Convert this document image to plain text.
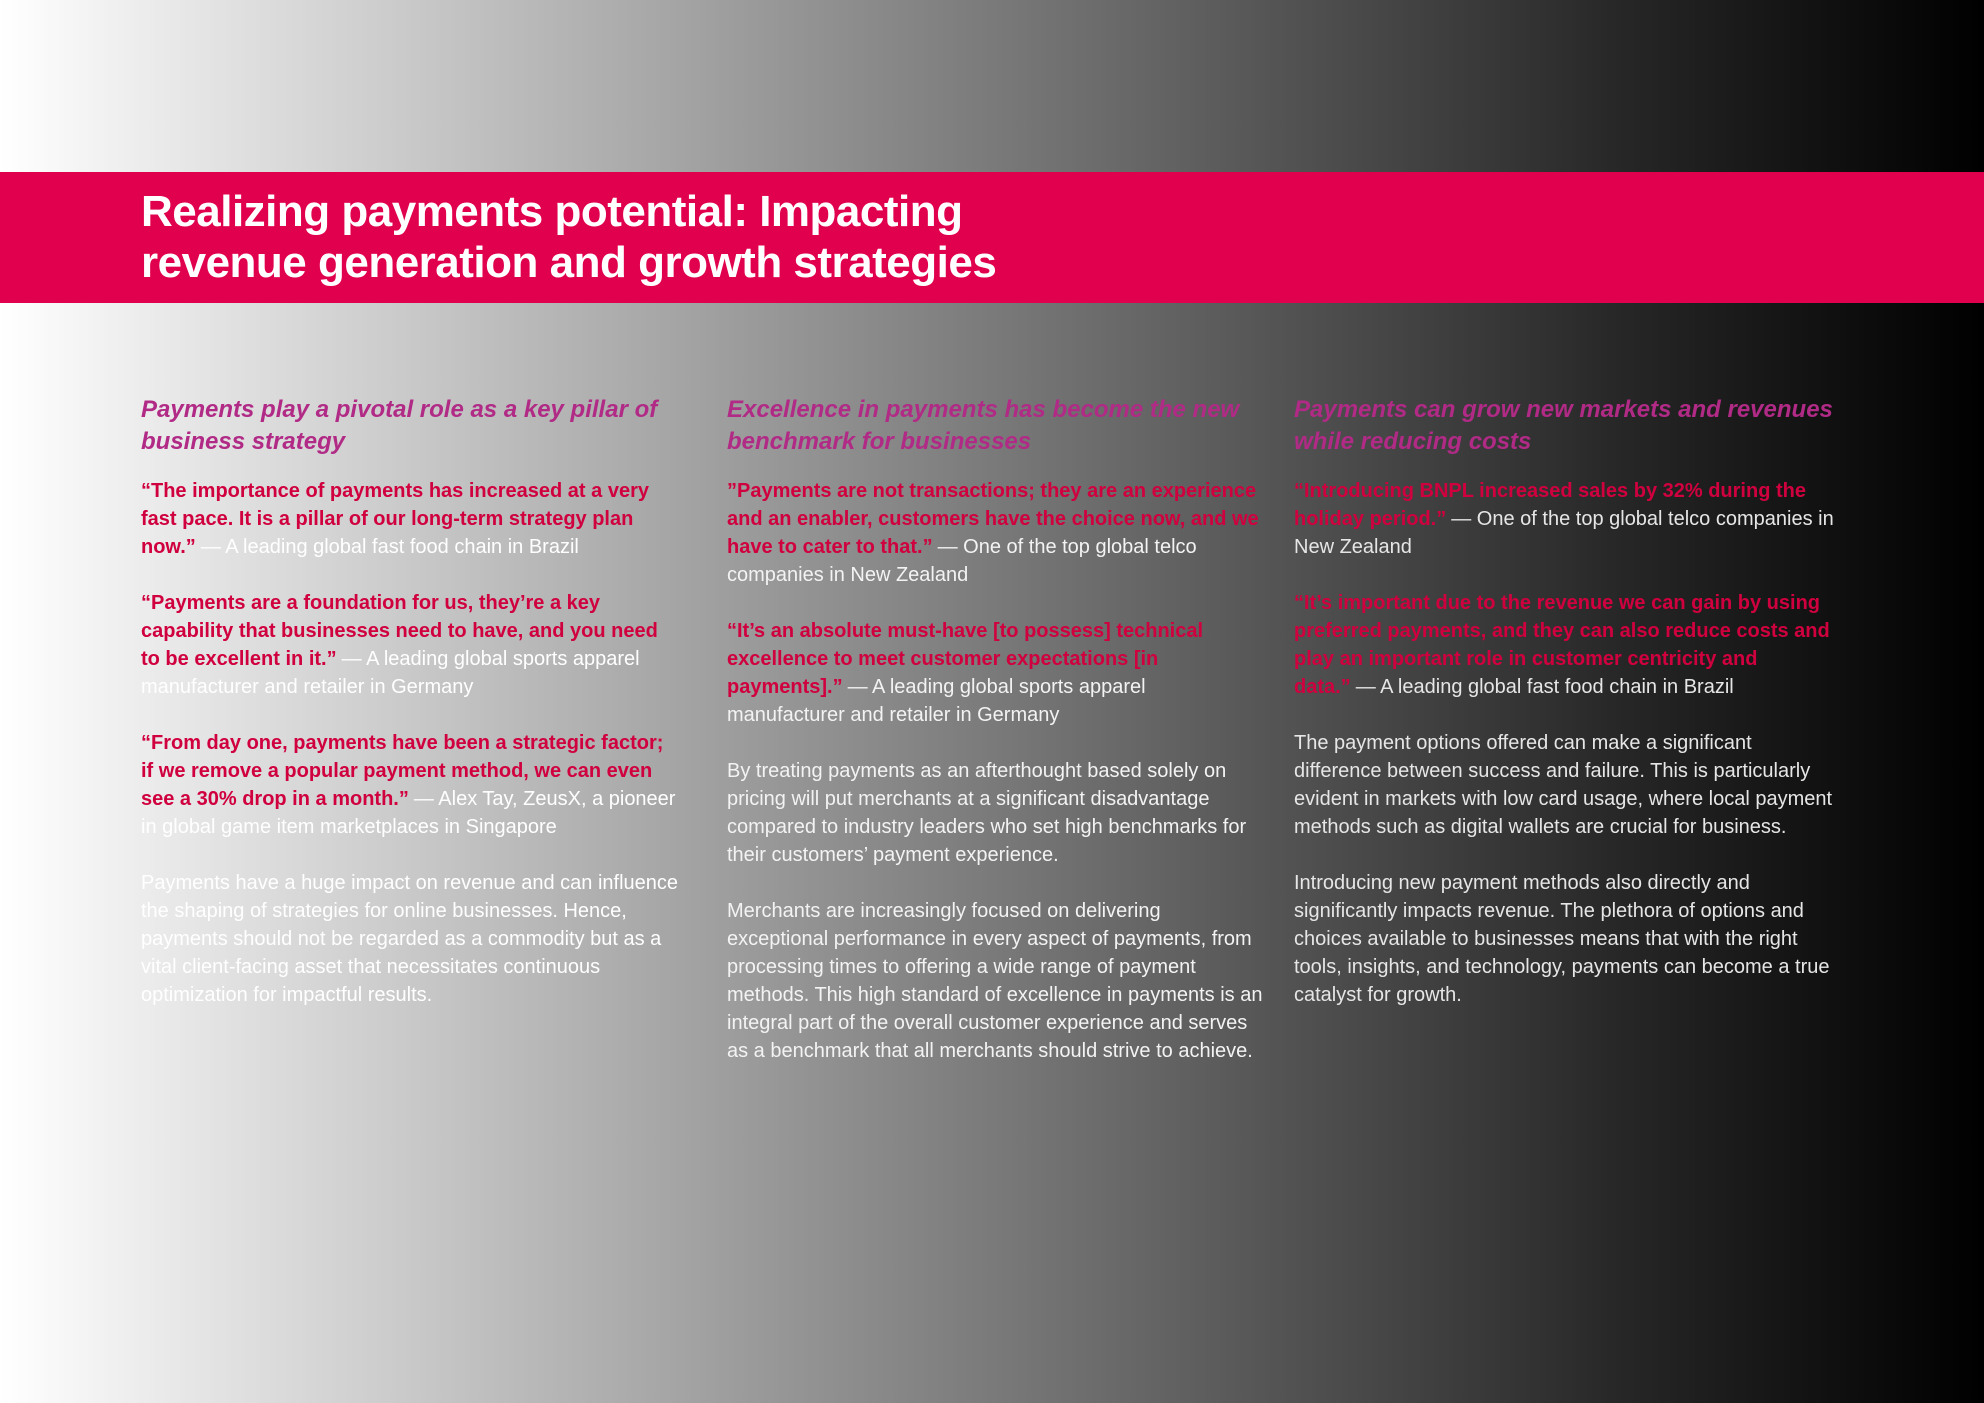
Realizing payments potential: Impacting
revenue generation and growth strategies
Payments play a pivotal role as a key pillar of business strategy

“The importance of payments has increased at a very fast pace. It is a pillar of our long-term strategy plan now.” — A leading global fast food chain in Brazil

“Payments are a foundation for us, they’re a key capability that businesses need to have, and you need to be excellent in it.” — A leading global sports apparel manufacturer and retailer in Germany

“From day one, payments have been a strategic factor; if we remove a popular payment method, we can even see a 30% drop in a month.” — Alex Tay, ZeusX, a pioneer in global game item marketplaces in Singapore

Payments have a huge impact on revenue and can influence the shaping of strategies for online businesses. Hence, payments should not be regarded as a commodity but as a vital client-facing asset that necessitates continuous optimization for impactful results.

Excellence in payments has become the new benchmark for businesses

”Payments are not transactions; they are an experience and an enabler, customers have the choice now, and we have to cater to that.” — One of the top global telco companies in New Zealand

“It’s an absolute must-have [to possess] technical excellence to meet customer expectations [in payments].” — A leading global sports apparel manufacturer and retailer in Germany

By treating payments as an afterthought based solely on pricing will put merchants at a significant disadvantage compared to industry leaders who set high benchmarks for their customers’ payment experience.

Merchants are increasingly focused on delivering exceptional performance in every aspect of payments, from processing times to offering a wide range of payment methods. This high standard of excellence in payments is an integral part of the overall customer experience and serves as a benchmark that all merchants should strive to achieve.

Payments can grow new markets and revenues while reducing costs

“Introducing BNPL increased sales by 32% during the holiday period.” — One of the top global telco companies in New Zealand

“It’s important due to the revenue we can gain by using preferred payments, and they can also reduce costs and play an important role in customer centricity and data.” — A leading global fast food chain in Brazil

The payment options offered can make a significant difference between success and failure. This is particularly evident in markets with low card usage, where local payment methods such as digital wallets are crucial for business.

Introducing new payment methods also directly and significantly impacts revenue. The plethora of options and choices available to businesses means that with the right tools, insights, and technology, payments can become a true catalyst for growth.
